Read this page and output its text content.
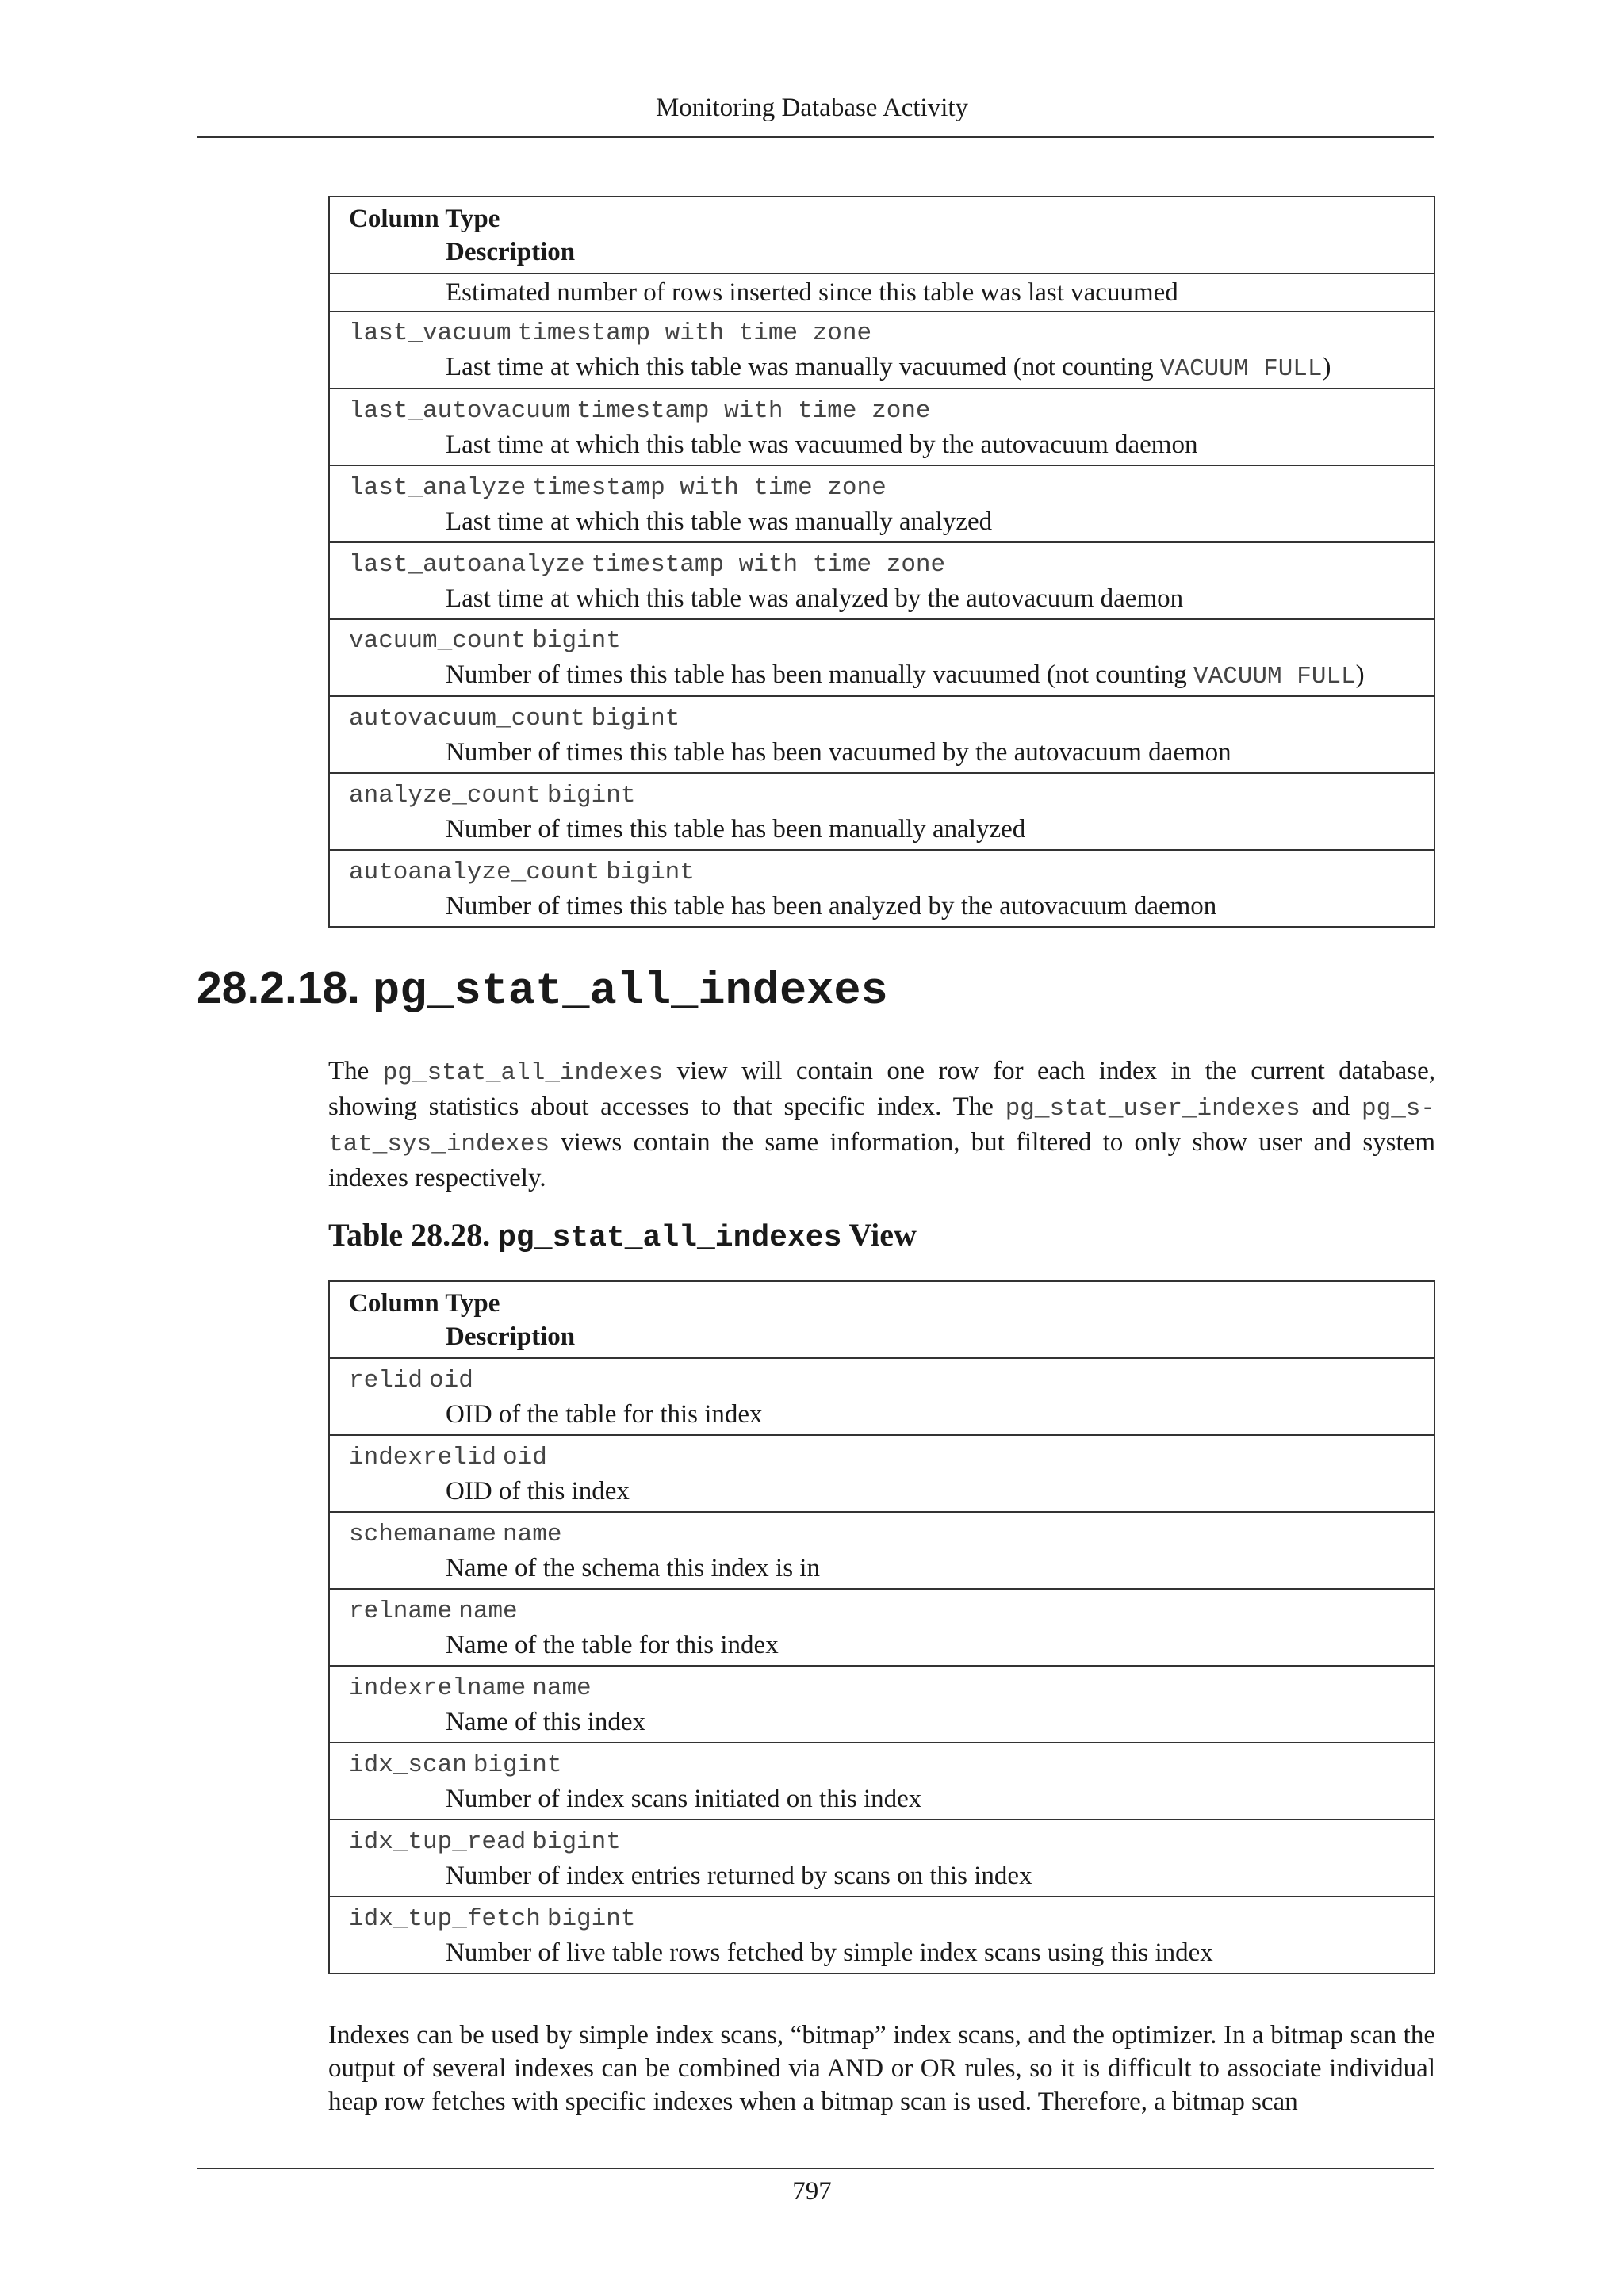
Monitoring Database Activity
Column Type
Description

Estimated number of rows inserted since this table was last vacuumed

last_vacuum timestamp with time zone
Last time at which this table was manually vacuumed (not counting VACUUM FULL)

last_autovacuum timestamp with time zone
Last time at which this table was vacuumed by the autovacuum daemon

last_analyze timestamp with time zone
Last time at which this table was manually analyzed

last_autoanalyze timestamp with time zone
Last time at which this table was analyzed by the autovacuum daemon

vacuum_count bigint
Number of times this table has been manually vacuumed (not counting VACUUM FULL)

autovacuum_count bigint
Number of times this table has been vacuumed by the autovacuum daemon

analyze_count bigint
Number of times this table has been manually analyzed

autoanalyze_count bigint
Number of times this table has been analyzed by the autovacuum daemon
28.2.18. pg_stat_all_indexes
The pg_stat_all_indexes view will contain one row for each index in the current database, showing statistics about accesses to that specific index. The pg_stat_user_indexes and pg_s-tat_sys_indexes views contain the same information, but filtered to only show user and system indexes respectively.
Table 28.28. pg_stat_all_indexes View
Column Type
Description

relid oid
OID of the table for this index

indexrelid oid
OID of this index

schemaname name
Name of the schema this index is in

relname name
Name of the table for this index

indexrelname name
Name of this index

idx_scan bigint
Number of index scans initiated on this index

idx_tup_read bigint
Number of index entries returned by scans on this index

idx_tup_fetch bigint
Number of live table rows fetched by simple index scans using this index
Indexes can be used by simple index scans, “bitmap” index scans, and the optimizer. In a bitmap scan the output of several indexes can be combined via AND or OR rules, so it is difficult to associate individual heap row fetches with specific indexes when a bitmap scan is used. Therefore, a bitmap scan
797
